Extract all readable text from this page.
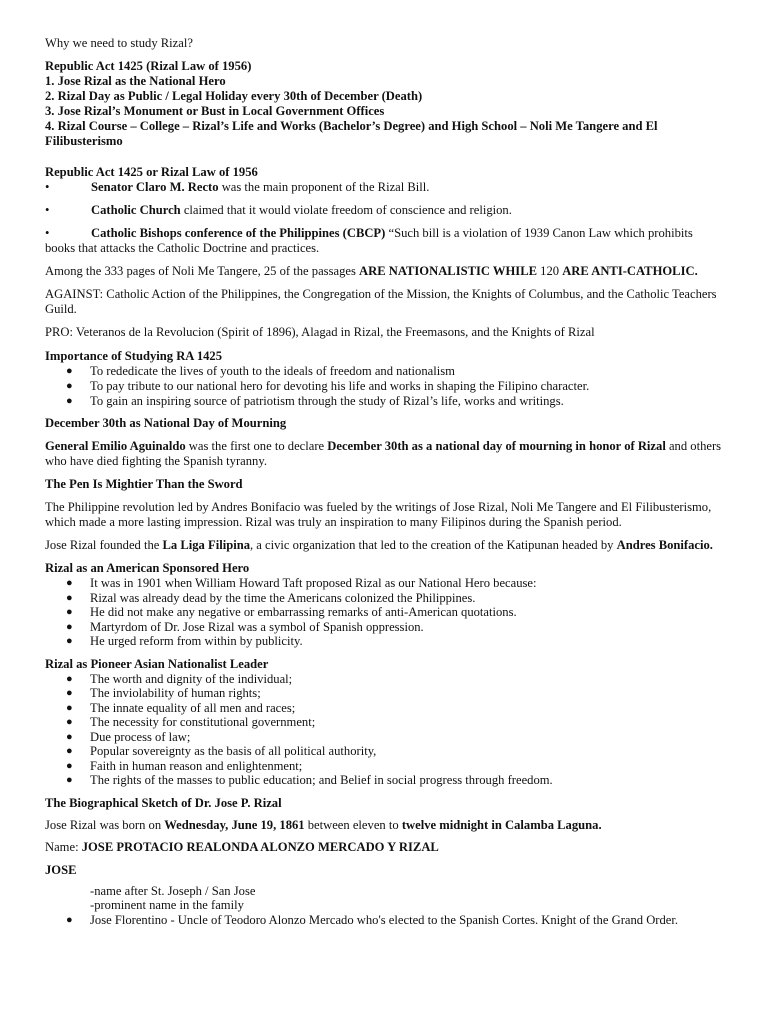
Why we need to study Rizal?

Republic Act 1425 (Rizal Law of 1956)

1. Jose Rizal as the National Hero
2. Rizal Day as Public / Legal Holiday every 30th of December (Death)
3. Jose Rizal’s Monument or Bust in Local Government Offices
4. Rizal Course – College – Rizal’s Life and Works (Bachelor’s Degree) and High School – Noli Me Tangere and El Filibusterismo

Republic Act 1425 or Rizal Law of 1956

•	Senator Claro M. Recto was the main proponent of the Rizal Bill.

•	Catholic Church claimed that it would violate freedom of conscience and religion.

•	Catholic Bishops conference of the Philippines (CBCP) “Such bill is a violation of 1939 Canon Law which prohibits books that attacks the Catholic Doctrine and practices.

Among the 333 pages of Noli Me Tangere, 25 of the passages ARE NATIONALISTIC WHILE 120 ARE ANTI-CATHOLIC.

AGAINST: Catholic Action of the Philippines, the Congregation of the Mission, the Knights of Columbus, and the Catholic Teachers Guild.

PRO: Veteranos de la Revolucion (Spirit of 1896), Alagad in Rizal, the Freemasons, and the Knights of Rizal

Importance of Studying RA 1425

● To rededicate the lives of youth to the ideals of freedom and nationalism
● To pay tribute to our national hero for devoting his life and works in shaping the Filipino character.
● To gain an inspiring source of patriotism through the study of Rizal’s life, works and writings.

December 30th as National Day of Mourning

General Emilio Aguinaldo was the first one to declare December 30th as a national day of mourning in honor of Rizal and others who have died fighting the Spanish tyranny.

The Pen Is Mightier Than the Sword

The Philippine revolution led by Andres Bonifacio was fueled by the writings of Jose Rizal, Noli Me Tangere and El Filibusterismo, which made a more lasting impression. Rizal was truly an inspiration to many Filipinos during the Spanish period.

Jose Rizal founded the La Liga Filipina, a civic organization that led to the creation of the Katipunan headed by Andres Bonifacio.

Rizal as an American Sponsored Hero

● It was in 1901 when William Howard Taft proposed Rizal as our National Hero because:
● Rizal was already dead by the time the Americans colonized the Philippines.
● He did not make any negative or embarrassing remarks of anti-American quotations.
● Martyrdom of Dr. Jose Rizal was a symbol of Spanish oppression.
● He urged reform from within by publicity.

Rizal as Pioneer Asian Nationalist Leader

● The worth and dignity of the individual;
● The inviolability of human rights;
● The innate equality of all men and races;
● The necessity for constitutional government;
● Due process of law;
● Popular sovereignty as the basis of all political authority,
● Faith in human reason and enlightenment;
● The rights of the masses to public education; and Belief in social progress through freedom.

The Biographical Sketch of Dr. Jose P. Rizal

Jose Rizal was born on Wednesday, June 19, 1861 between eleven to twelve midnight in Calamba Laguna.

Name: JOSE PROTACIO REALONDA ALONZO MERCADO Y RIZAL

JOSE

-name after St. Joseph / San Jose

-prominent name in the family

● Jose Florentino - Uncle of Teodoro Alonzo Mercado who's elected to the Spanish Cortes. Knight of the Grand Order.
